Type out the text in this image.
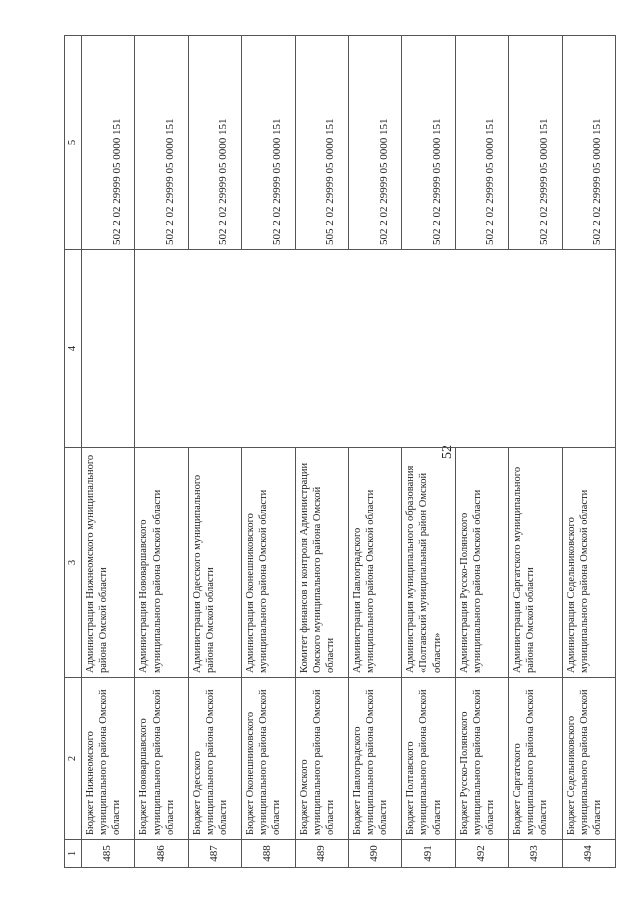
52
1	2	3	4	5
485	Бюджет Нижнеомского муниципального района Омской области	Администрация Нижнеомского муниципального района Омской области		502 2 02 29999 05 0000 151
486	Бюджет Нововаршавского муниципального района Омской области	Администрация Нововаршавского муниципального района Омской области		502 2 02 29999 05 0000 151
487	Бюджет Одесского муниципального района Омской области	Администрация Одесского муниципального района Омской области		502 2 02 29999 05 0000 151
488	Бюджет Оконешниковского муниципального района Омской области	Администрация Оконешниковского муниципального района Омской области		502 2 02 29999 05 0000 151
489	Бюджет Омского муниципального района Омской области	Комитет финансов и контроля Администрации Омского муниципального района Омской области		505 2 02 29999 05 0000 151
490	Бюджет Павлоградского муниципального района Омской области	Администрация Павлоградского муниципального района Омской области		502 2 02 29999 05 0000 151
491	Бюджет Полтавского муниципального района Омской области	Администрация муниципального образования «Полтавский муниципальный район Омской области»		502 2 02 29999 05 0000 151
492	Бюджет Русско-Полянского муниципального района Омской области	Администрация Русско-Полянского муниципального района Омской области		502 2 02 29999 05 0000 151
493	Бюджет Саргатского муниципального района Омской области	Администрация Саргатского муниципального района Омской области		502 2 02 29999 05 0000 151
494	Бюджет Седельниковского муниципального района Омской области	Администрация Седельниковского муниципального района Омской области		502 2 02 29999 05 0000 151
